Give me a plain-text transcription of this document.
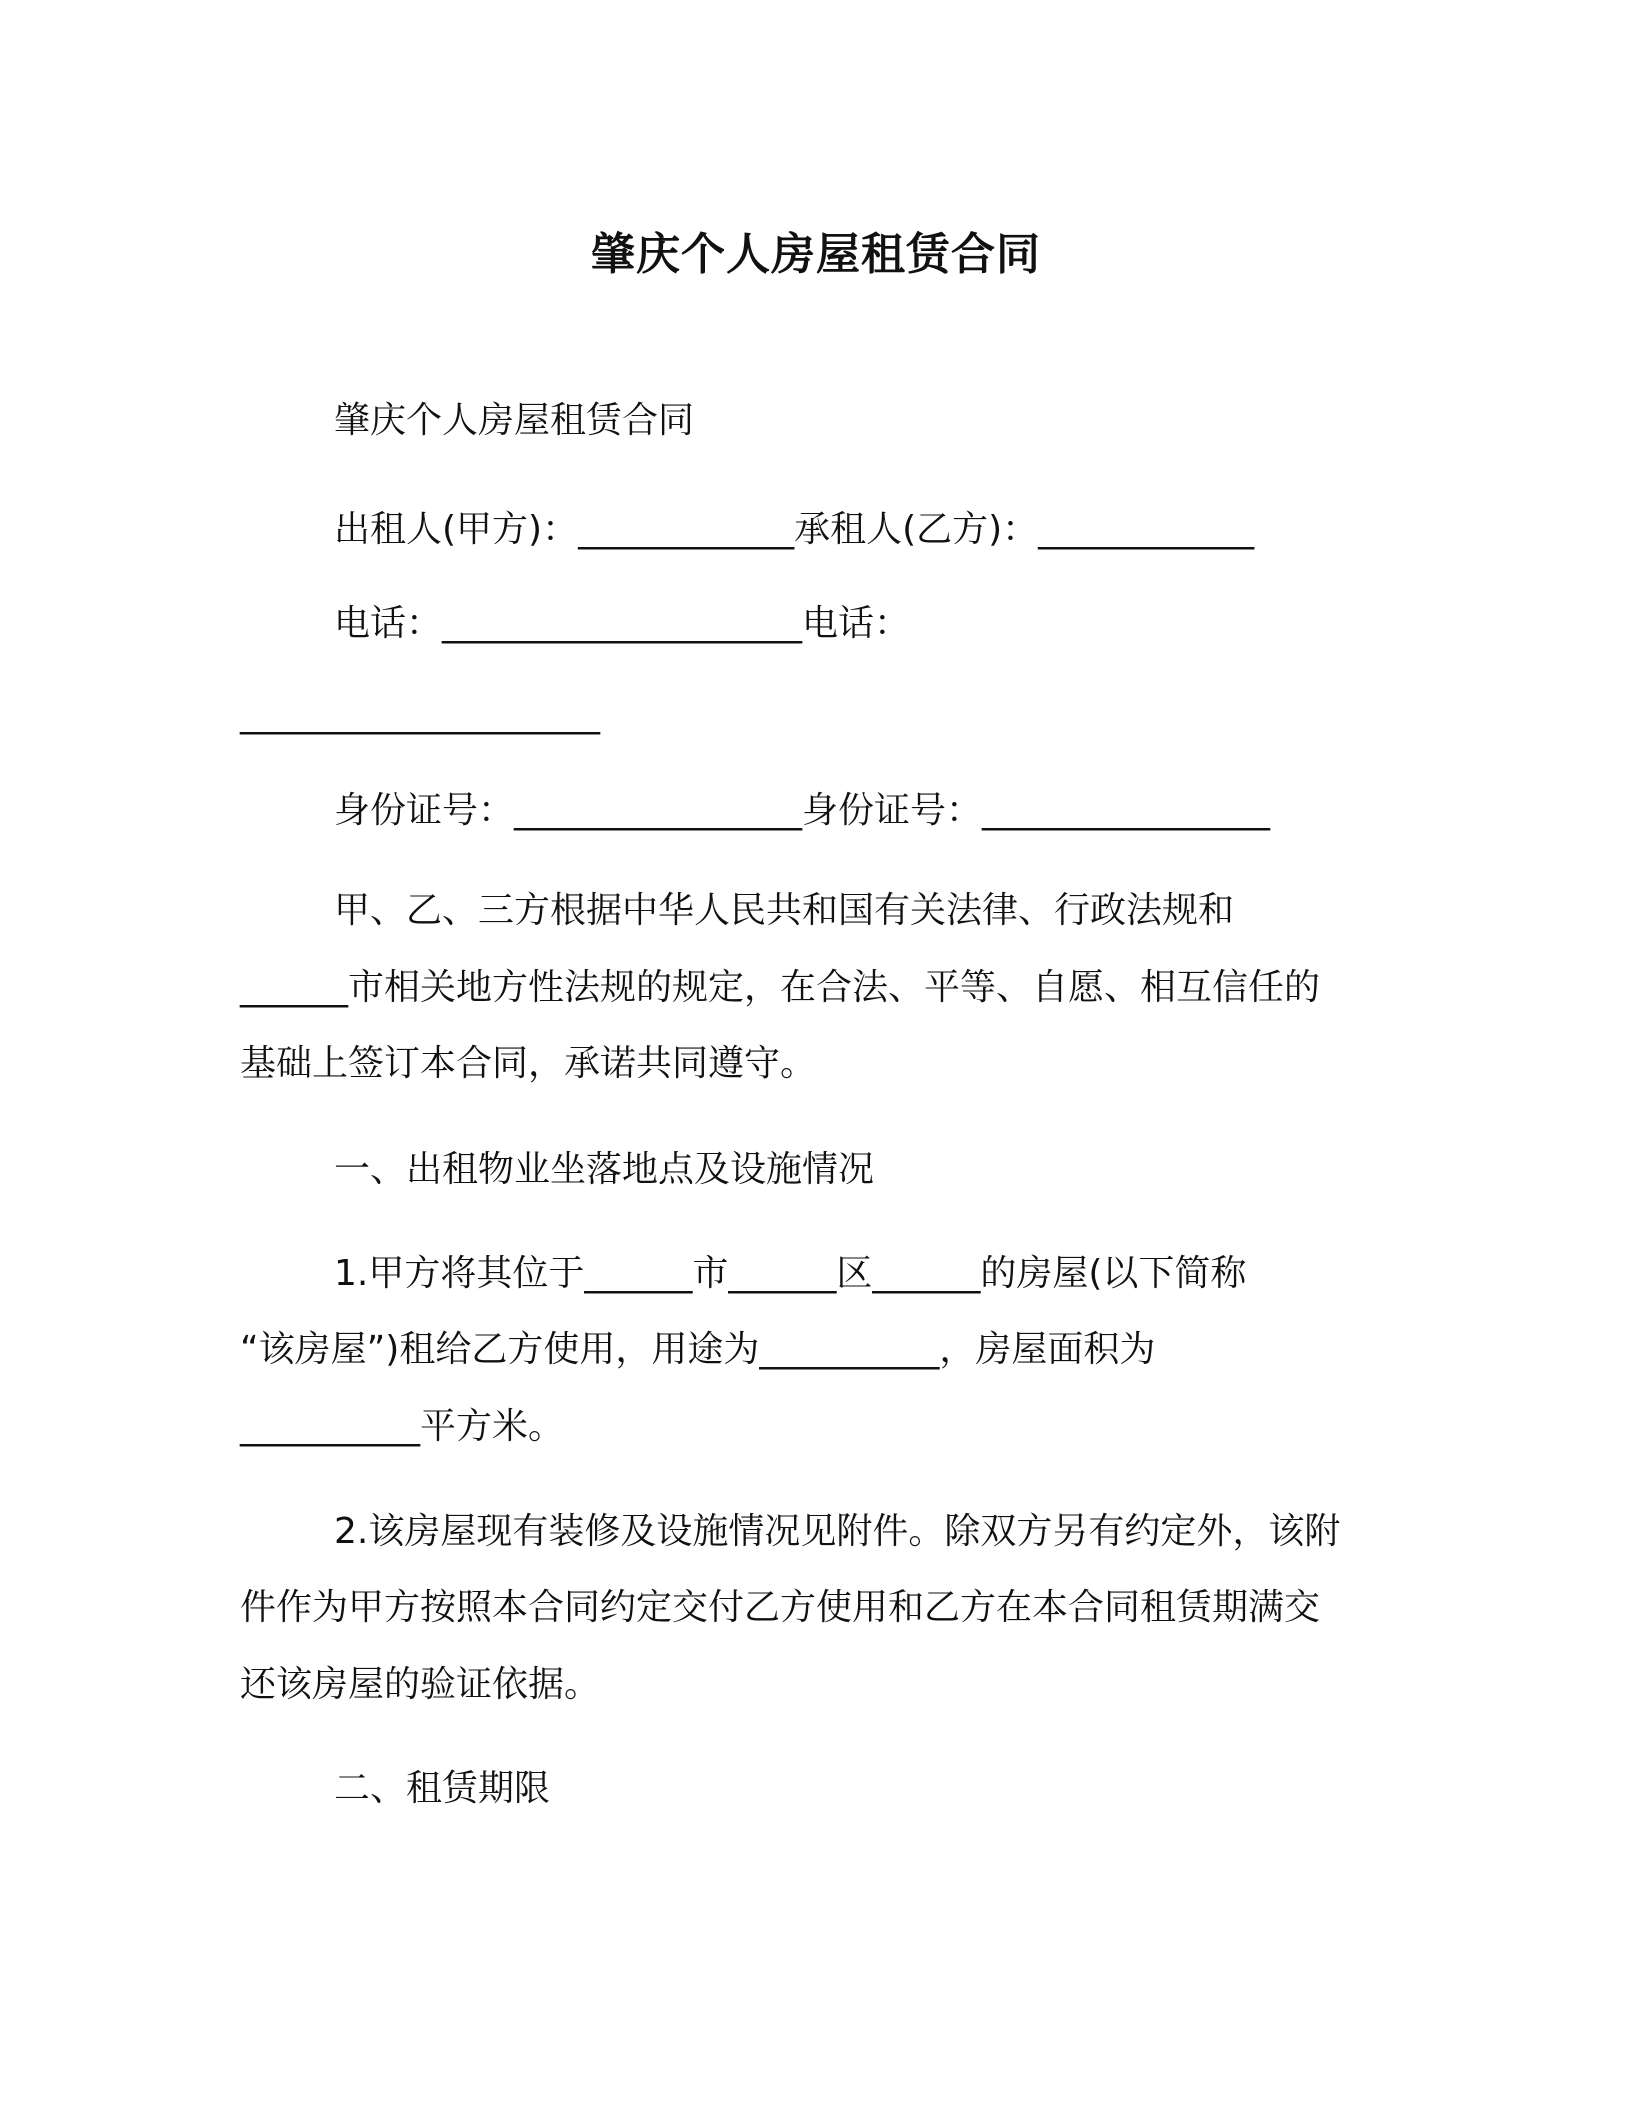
肇庆个人房屋租赁合同
肇庆个人房屋租赁合同
出租人(甲方)：____________承租人(乙方)：____________
电话：____________________电话：
____________________
身份证号：________________身份证号：________________
甲、乙、三方根据中华人民共和国有关法律、行政法规和
______市相关地方性法规的规定，在合法、平等、自愿、相互信任的
基础上签订本合同，承诺共同遵守。
一、出租物业坐落地点及设施情况
1.甲方将其位于______市______区______的房屋(以下简称
“该房屋”)租给乙方使用，用途为__________，房屋面积为
__________平方米。
2.该房屋现有装修及设施情况见附件。除双方另有约定外，该附
件作为甲方按照本合同约定交付乙方使用和乙方在本合同租赁期满交
还该房屋的验证依据。
二、租赁期限
